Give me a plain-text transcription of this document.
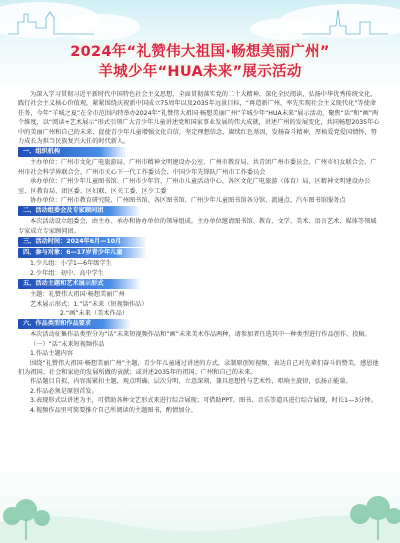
2024年“礼赞伟大祖国·畅想美丽广州”
羊城少年“HUA未来”展示活动

为深入学习贯彻习近平新时代中国特色社会主义思想，全面贯彻落实党的二十大精神，深化全民阅读，弘扬中华优秀传统文化，践行社会主义核心价值观，紧紧围绕庆祝新中国成立75周年以及2035年远景目标，“再造新广州，率先实现社会主义现代化”等使命任务，今年“羊城之夏”在全市范围内特举办2024年“礼赞伟大祖国·畅想美丽广州”羊城少年“HUA未来”展示活动，聚焦“话”和“画”两个维度，以“阅读+艺术展示”形式引领广大青少年儿童讲述党和国家事业发展的伟大成就，讲述广州的发展变化，共同畅想2035年心中的美丽广州和自己的未来，促使青少年儿童增强文化自信，坚定理想信念，赓续红色基因，发扬奋斗精神，厚植爱党爱国情怀，努力成长为担当民族复兴大任的时代新人。

一、组织机构

主办单位：广州市文化广电旅游局、广州市精神文明建设办公室、广州市教育局、共青团广州市委员会、广州市妇女联合会、广州市社会科学界联合会、广州市关心下一代工作委员会、中国少年先锋队广州市工作委员会

承办单位：广州少年儿童图书馆、广州市少年宫、广州市儿童活动中心、各区文化广电旅游（体育）局、区精神文明建设办公室、区教育局、团区委、区妇联、区关工委、区少工委

协办单位：广州市教育研究院、广州图书馆、各区图书馆、广州少年儿童图书馆各分馆、流通点、汽车图书馆服务点

二、活动组委会及专家顾问团

本次活动设立组委会，由主办、承办和协办单位的领导组成。主办单位邀请图书馆、教育、文学、美术、语言艺术、媒体等领域专家成立专家顾问团。

三、活动时间：2024年6月—10月
四、参与对象：6—17岁青少年儿童

1.少儿组：小学1—6年级学生

2.少年组：初中、高中学生

五、活动主题和艺术展示形式

主题：礼赞伟大祖国·畅想美丽广州

艺术展示形式：1.“话”未来（短视频作品）

2.“画”未来（美术作品）

六、作品类型和作品要求

本次活动征集作品类型分为“话”未来短视频作品和“画”未来美术作品两种，请参加者任选其中一种类型进行作品创作、投稿。

（一）“话”未来短视频作品

1.作品主题内容

围绕“礼赞伟大祖国·畅想美丽广州”主题，青少年儿童通过讲述的方式，录制原创短视频，表达自己对先辈们奋斗的赞美，感恩他们为祖国、社会和家庭的发展所做的贡献；或讲述2035年的祖国、广州和自己的未来。

作品题目自拟，内容需紧扣主题，观点明确、层次分明、立意深刻，兼具思想性与艺术性，唱响主旋律，弘扬正能量。

2.作品必须是原创首发。

3.表现形式以讲述为主，可借助各种文艺形式来进行综合展现；可借助PPT、图书、音乐等道具进行综合展现，时长1—3分钟。

4.视频作品里可简要推介自己所阅读的主题图书，酌情加分。
